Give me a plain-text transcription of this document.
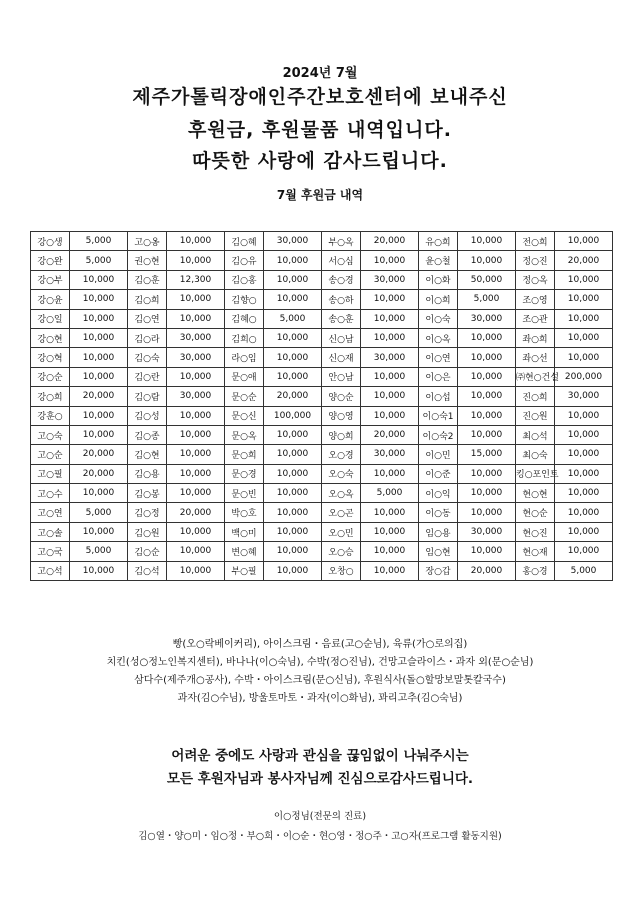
2024년 7월
제주가톨릭장애인주간보호센터에 보내주신
후원금, 후원물품 내역입니다.
따뜻한 사랑에 감사드립니다.
7월 후원금 내역
강○생	5,000	고○옹	10,000	김○혜	30,000	부○옥	20,000	유○희	10,000	전○희	10,000
강○완	5,000	권○현	10,000	김○유	10,000	서○심	10,000	윤○철	10,000	정○진	20,000
강○부	10,000	김○훈	12,300	김○홍	10,000	송○경	30,000	이○화	50,000	정○옥	10,000
강○윤	10,000	김○희	10,000	김향○	10,000	송○하	10,000	이○희	5,000	조○영	10,000
강○일	10,000	김○연	10,000	김혜○	5,000	송○훈	10,000	이○숙	30,000	조○관	10,000
강○현	10,000	김○라	30,000	김희○	10,000	신○남	10,000	이○옥	10,000	좌○희	10,000
강○혁	10,000	김○숙	30,000	라○임	10,000	신○재	30,000	이○연	10,000	좌○선	10,000
강○순	10,000	김○란	10,000	문○애	10,000	안○남	10,000	이○은	10,000	㈜현○건설	200,000
강○희	20,000	김○람	30,000	문○순	20,000	양○순	10,000	이○섭	10,000	진○희	30,000
강훈○	10,000	김○성	10,000	문○신	100,000	양○영	10,000	이○숙1	10,000	진○원	10,000
고○숙	10,000	김○종	10,000	문○옥	10,000	양○희	20,000	이○숙2	10,000	최○석	10,000
고○순	20,000	김○현	10,000	문○희	10,000	오○경	30,000	이○민	15,000	최○숙	10,000
고○필	20,000	김○용	10,000	문○경	10,000	오○숙	10,000	이○준	10,000	킹○포인트	10,000
고○수	10,000	김○봉	10,000	문○빈	10,000	오○옥	5,000	이○익	10,000	현○현	10,000
고○연	5,000	김○정	20,000	박○호	10,000	오○곤	10,000	이○동	10,000	현○순	10,000
고○솔	10,000	김○원	10,000	백○미	10,000	오○민	10,000	임○용	30,000	현○진	10,000
고○국	5,000	김○순	10,000	변○혜	10,000	오○승	10,000	임○현	10,000	현○재	10,000
고○석	10,000	김○석	10,000	부○필	10,000	오창○	10,000	장○갑	20,000	홍○경	5,000
빵(오○락베이커리), 아이스크림・음료(고○순님), 육류(가○로의집)
치킨(성○정노인복지센터), 바나나(이○숙님), 수박(정○진님), 건망고슬라이스・과자 외(문○순님)
삼다수(제주개○공사), 수박・아이스크림(문○신님), 후원식사(돌○할망보말톳칼국수)
과자(김○수님), 방울토마토・과자(이○화님), 꽈리고추(김○숙님)
어려운 중에도 사랑과 관심을 끊임없이 나눠주시는
모든 후원자님과 봉사자님께 진심으로감사드립니다.
이○정님(전문의 진료)
김○열・양○미・임○정・부○희・이○순・현○영・정○주・고○자(프로그램 활동지원)
